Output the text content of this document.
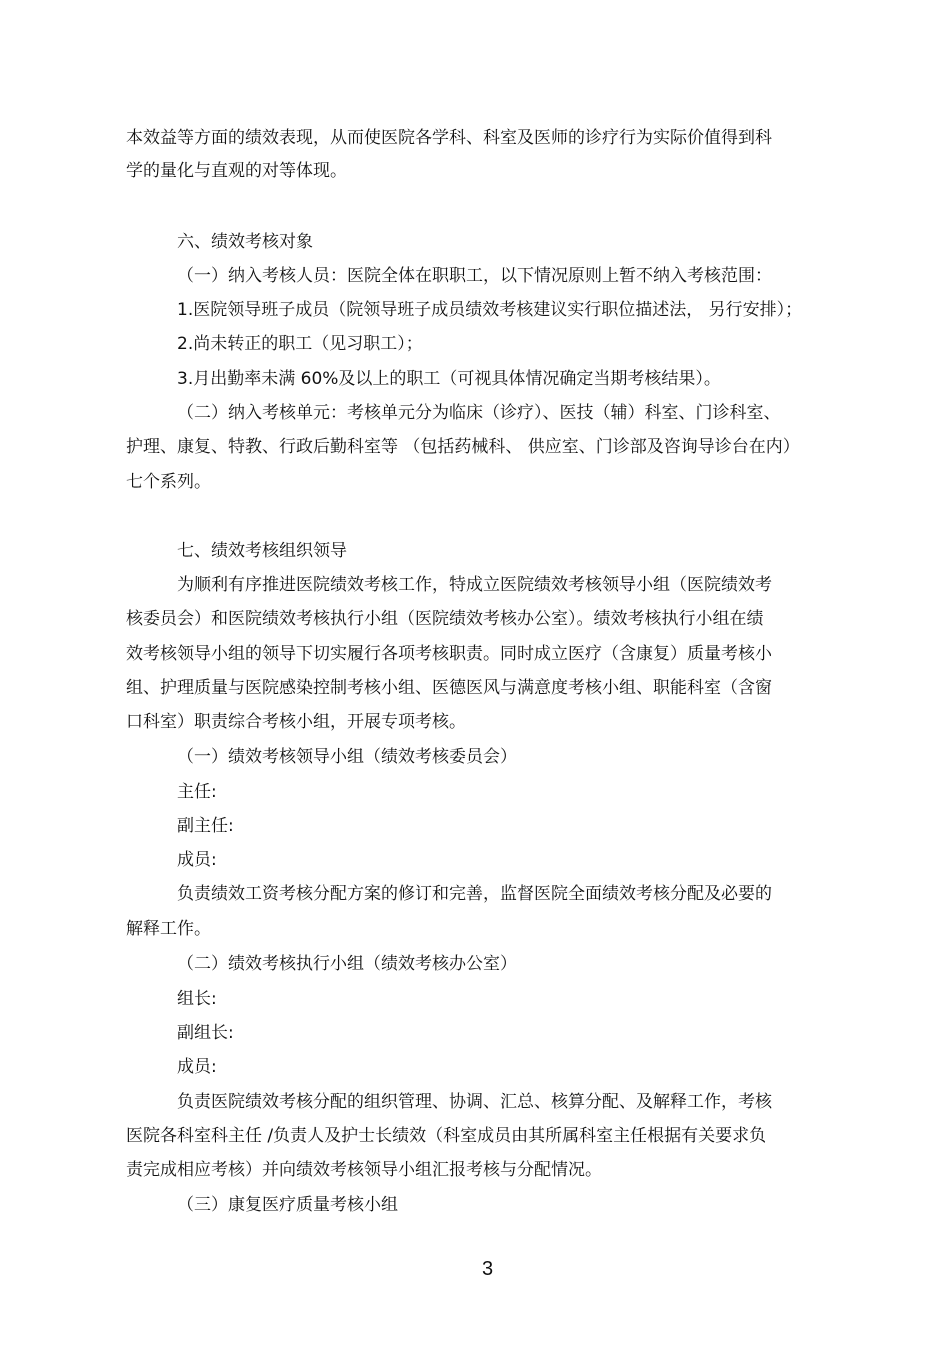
本效益等方面的绩效表现，从而使医院各学科、科室及医师的诊疗行为实际价值得到科
学的量化与直观的对等体现。
六、绩效考核对象
（一）纳入考核人员：医院全体在职职工，以下情况原则上暂不纳入考核范围：
1.医院领导班子成员（院领导班子成员绩效考核建议实行职位描述法， 另行安排）；
2.尚未转正的职工（见习职工）；
3.月出勤率未满 60%及以上的职工（可视具体情况确定当期考核结果）。
（二）纳入考核单元：考核单元分为临床（诊疗）、医技（辅）科室、门诊科室、
护理、康复、特教、行政后勤科室等 （包括药械科、 供应室、门诊部及咨询导诊台在内）
七个系列。
七、绩效考核组织领导
为顺利有序推进医院绩效考核工作，特成立医院绩效考核领导小组（医院绩效考
核委员会）和医院绩效考核执行小组（医院绩效考核办公室）。绩效考核执行小组在绩
效考核领导小组的领导下切实履行各项考核职责。同时成立医疗（含康复）质量考核小
组、护理质量与医院感染控制考核小组、医德医风与满意度考核小组、职能科室（含窗
口科室）职责综合考核小组，开展专项考核。
（一）绩效考核领导小组（绩效考核委员会）
主任:
副主任:
成员:
负责绩效工资考核分配方案的修订和完善，监督医院全面绩效考核分配及必要的
解释工作。
（二）绩效考核执行小组（绩效考核办公室）
组长:
副组长:
成员:
负责医院绩效考核分配的组织管理、协调、汇总、核算分配、及解释工作，考核
医院各科室科主任 /负责人及护士长绩效（科室成员由其所属科室主任根据有关要求负
责完成相应考核）并向绩效考核领导小组汇报考核与分配情况。
（三）康复医疗质量考核小组
3
